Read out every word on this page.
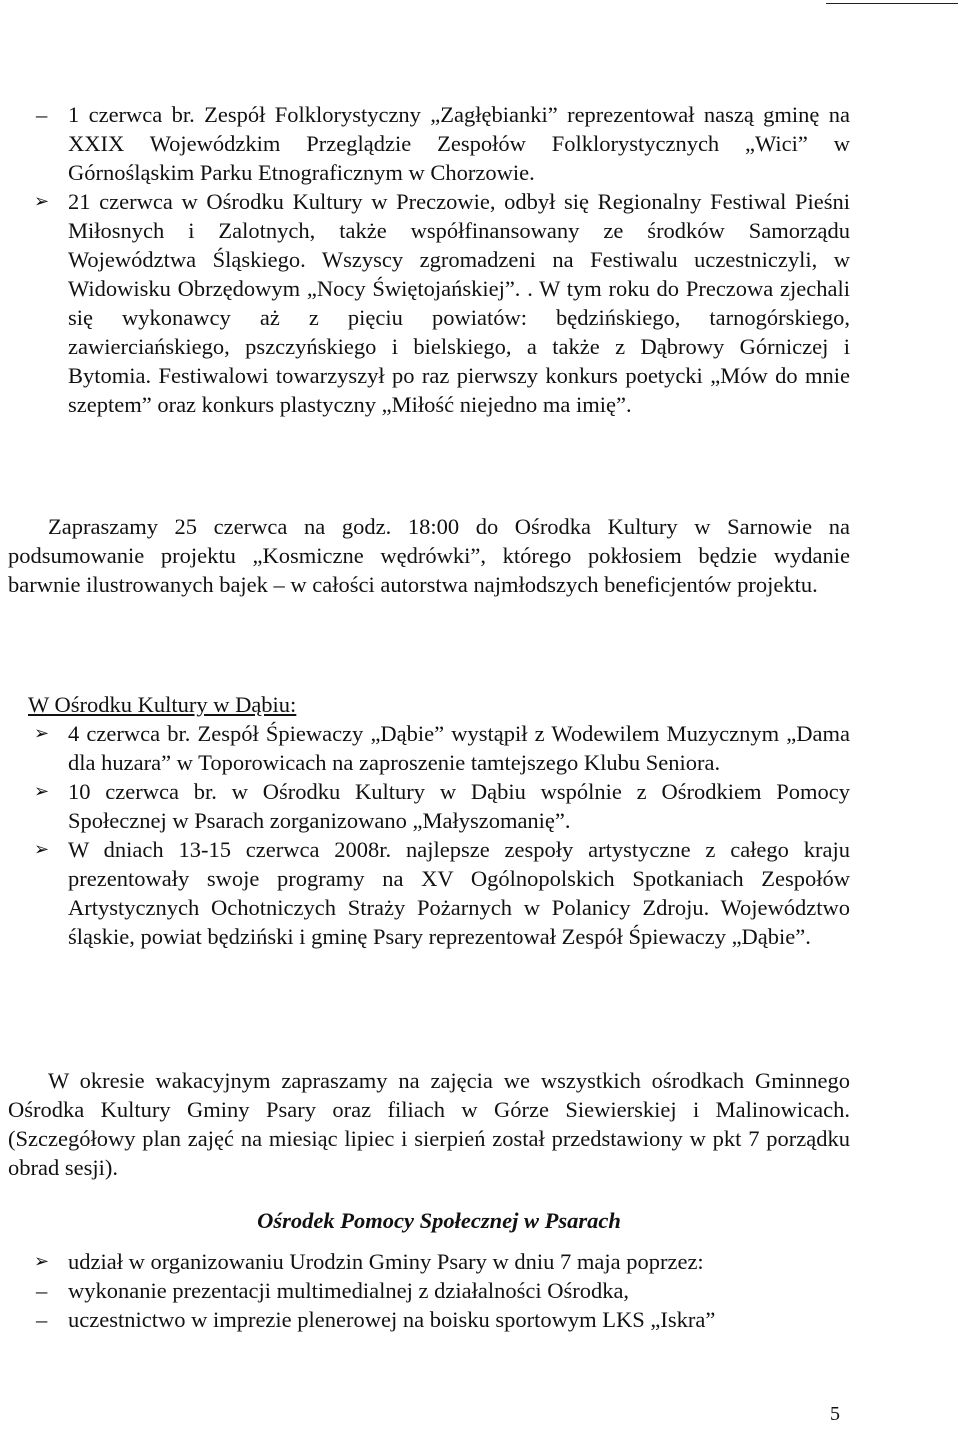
– 1 czerwca br. Zespół Folklorystyczny „Zagłębianki” reprezentował naszą gminę na XXIX Wojewódzkim Przeglądzie Zespołów Folklorystycznych „Wici” w Górnośląskim Parku Etnograficznym w Chorzowie.
➢ 21 czerwca w Ośrodku Kultury w Preczowie, odbył się Regionalny Festiwal Pieśni Miłosnych i Zalotnych, także współfinansowany ze środków Samorządu Województwa Śląskiego. Wszyscy zgromadzeni na Festiwalu uczestniczyli, w Widowisku Obrzędowym „Nocy Świętojańskiej”. . W tym roku do Preczowa zjechali się wykonawcy aż z pięciu powiatów: będzińskiego, tarnogórskiego, zawierciańskiego, pszczyńskiego i bielskiego, a także z Dąbrowy Górniczej i Bytomia. Festiwalowi towarzyszył po raz pierwszy konkurs poetycki „Mów do mnie szeptem” oraz konkurs plastyczny „Miłość niejedno ma imię”.
Zapraszamy 25 czerwca na godz. 18:00 do Ośrodka Kultury w Sarnowie na podsumowanie projektu „Kosmiczne wędrówki”, którego pokłosiem będzie wydanie barwnie ilustrowanych bajek – w całości autorstwa najmłodszych beneficjentów projektu.
W Ośrodku Kultury w Dąbiu:
➢ 4 czerwca br. Zespół Śpiewaczy „Dąbie” wystąpił z Wodewilem Muzycznym „Dama dla huzara” w Toporowicach na zaproszenie tamtejszego Klubu Seniora.
➢ 10 czerwca br. w Ośrodku Kultury w Dąbiu wspólnie z Ośrodkiem Pomocy Społecznej w Psarach zorganizowano „Małyszomanię”.
➢ W dniach 13-15 czerwca 2008r. najlepsze zespoły artystyczne z całego kraju prezentowały swoje programy na XV Ogólnopolskich Spotkaniach Zespołów Artystycznych Ochotniczych Straży Pożarnych w Polanicy Zdroju. Województwo śląskie, powiat będziński i gminę Psary reprezentował Zespół Śpiewaczy „Dąbie”.
W okresie wakacyjnym zapraszamy na zajęcia we wszystkich ośrodkach Gminnego Ośrodka Kultury Gminy Psary oraz filiach w Górze Siewierskiej i Malinowicach. (Szczegółowy plan zajęć na miesiąc lipiec i sierpień został przedstawiony w pkt 7 porządku obrad sesji).
Ośrodek Pomocy Społecznej w Psarach
➢ udział w organizowaniu Urodzin Gminy Psary w dniu 7 maja poprzez:
– wykonanie prezentacji multimedialnej z działalności Ośrodka,
– uczestnictwo w imprezie plenerowej na boisku sportowym LKS „Iskra”
5
